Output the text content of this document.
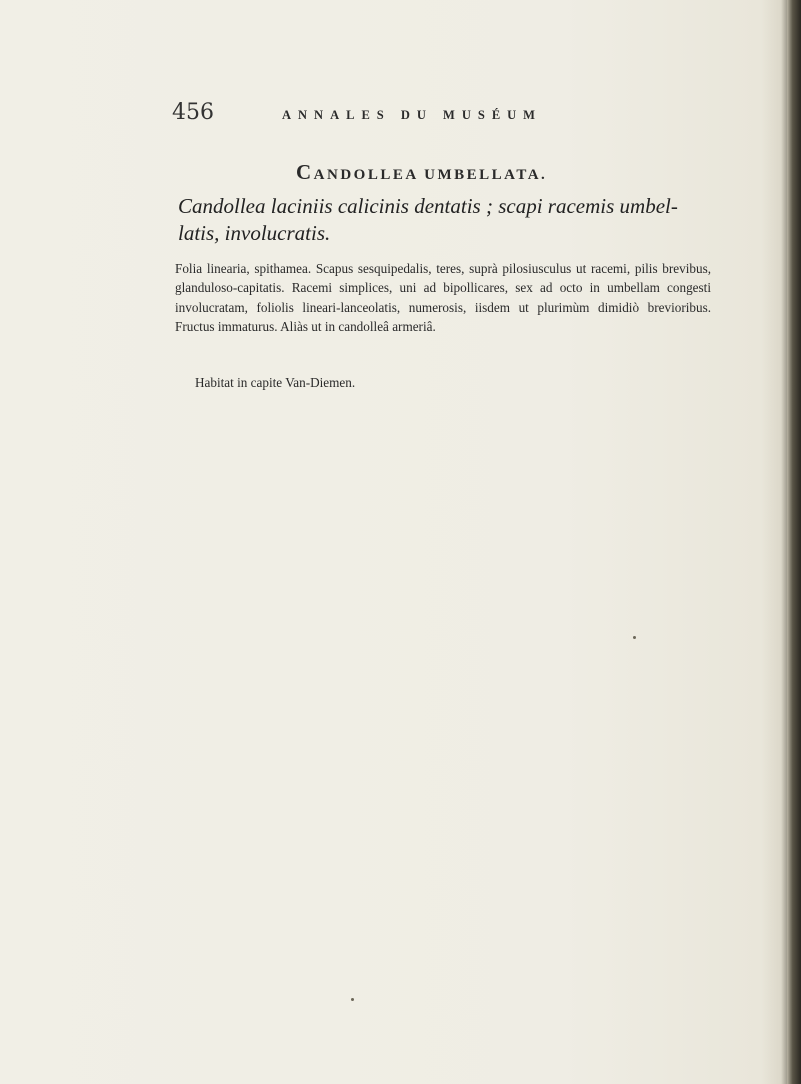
456	ANNALES DU MUSÉUM
CANDOLLEA UMBELLATA.
Candollea laciniis calicinis dentatis ; scapi racemis umbel-latis, involucratis.
Folia linearia, spithamea. Scapus sesquipedalis, teres, suprà pilosiusculus ut racemi, pilis brevibus, glanduloso-capitatis. Racemi simplices, uni ad bipollicares, sex ad octo in umbellam congesti involucratam, foliolis lineari-lanceolatis, numerosis, iisdem ut plurimùm dimidiò brevioribus. Fructus immaturus. Aliàs ut in candolleâ armeriâ.
Habitat in capite Van-Diemen.
